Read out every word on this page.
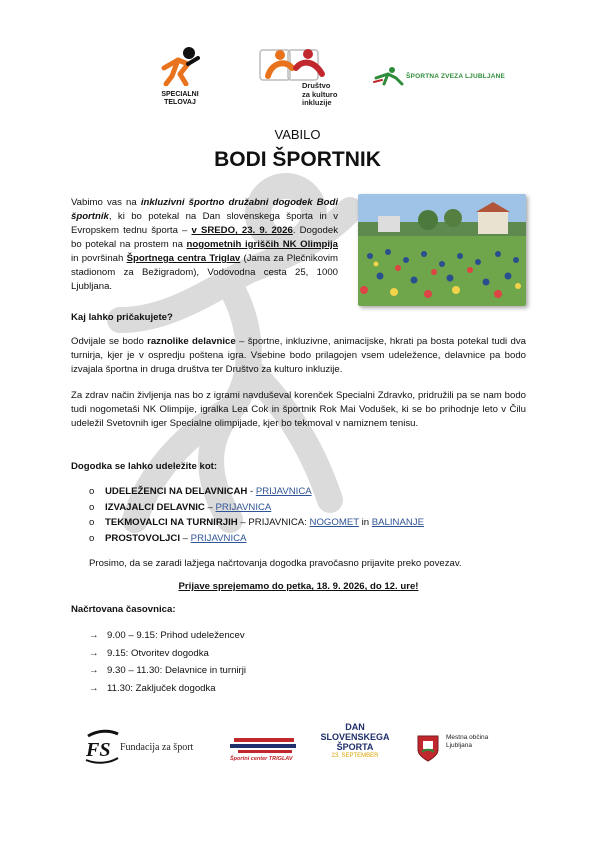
SPECIALNI
TELOVAJ
Društvo
za kulturo inkluzije
ŠPORTNA ZVEZA LJUBLJANE
VABILO
BODI ŠPORTNIK
Vabimo vas na inkluzivni športno družabni dogodek Bodi športnik, ki bo potekal na Dan slovenskega športa in v Evropskem tednu športa – v SREDO, 23. 9. 2026. Dogodek bo potekal na prostem na nogometnih igriščih NK Olimpija in površinah Športnega centra Triglav (Jama za Plečnikovim stadionom za Bežigradom), Vodovodna cesta 25, 1000 Ljubljana.
Kaj lahko pričakujete?
Odvijale se bodo raznolike delavnice – športne, inkluzivne, animacijske, hkrati pa bosta potekal tudi dva turnirja, kjer je v ospredju poštena igra. Vsebine bodo prilagojen vsem udeležence, delavnice pa bodo izvajala športna in druga društva ter Društvo za kulturo inkluzije.
Za zdrav način življenja nas bo z igrami navduševal korenček Specialni Zdravko, pridružili pa se nam bodo tudi nogometaši NK Olimpije, igralka Lea Cok in športnik Rok Mai Vodušek, ki se bo prihodnje leto v Čilu udeležil Svetovnih iger Specialne olimpijade, kjer bo tekmoval v namiznem tenisu.
Dogodka se lahko udeležite kot:
o UDELEŽENCI NA DELAVNICAH - PRIJAVNICA
o IZVAJALCI DELAVNIC – PRIJAVNICA
o TEKMOVALCI NA TURNIRJIH – PRIJAVNICA: NOGOMET in BALINANJE
o PROSTOVOLJCI – PRIJAVNICA
Prosimo, da se zaradi lažjega načrtovanja dogodka pravočasno prijavite preko povezav.
Prijave sprejemamo do petka, 18. 9. 2026, do 12. ure!
Načrtovana časovnica:
→ 9.00 – 9.15: Prihod udeležencev
→ 9.15: Otvoritev dogodka
→ 9.30 – 11.30: Delavnice in turnirji
→ 11.30: Zaključek dogodka
FS Fundacija za šport
Športni center TRIGLAV
DAN
SLOVENSKEGA
ŠPORTA
23. SEPTEMBER
Mestna občina
Ljubljana
